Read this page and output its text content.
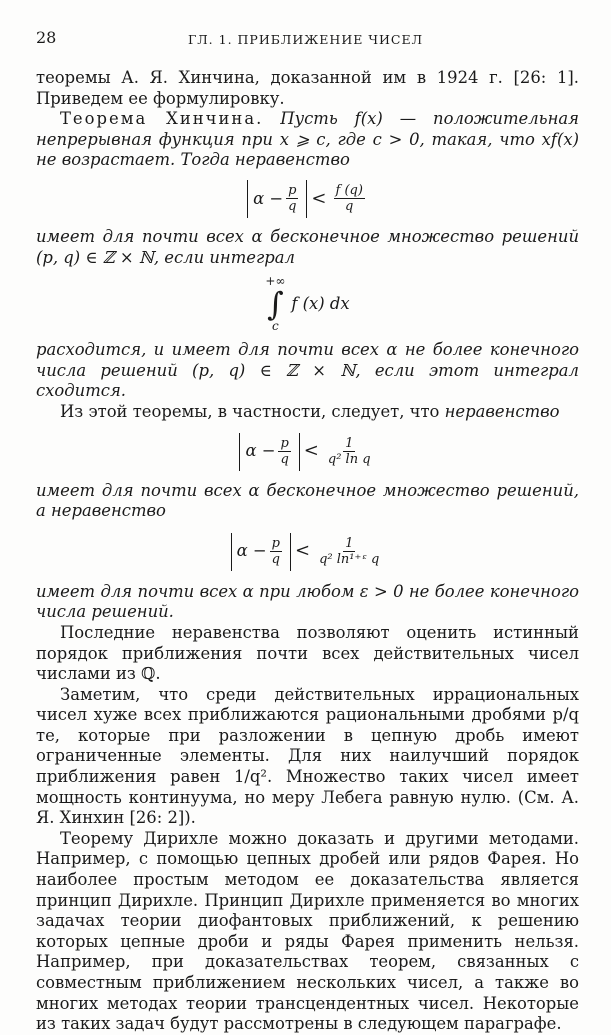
28	ГЛ. 1. ПРИБЛИЖЕНИЕ ЧИСЕЛ

теоремы А. Я. Хинчина, доказанной им в 1924 г. [26: 1]. Приведем ее формулировку.

Теорема Хинчина. Пусть f(x) — положительная непрерывная функция при x ⩾ c, где c > 0, такая, что xf(x) не возрастает. Тогда неравенство

$\alpha - \frac{p}{q} < f$ (q)
q

имеет для почти всех α бесконечное множество решений (p, q) ∈ ℤ × ℕ, если интеграл

+∞
∫
c
f (x) dx

расходится, и имеет для почти всех α не более конечного числа решений (p, q) ∈ ℤ × ℕ, если этот интеграл сходится.

Из этой теоремы, в частности, следует, что неравенство

$\alpha - \frac{p}{q} < 1$
q² ln q

имеет для почти всех α бесконечное множество решений, а неравенство

$\alpha - \frac{p}{q}$ <	1
q² ln¹⁺ᵋ q

имеет для почти всех α при любом ε > 0 не более конечного числа решений.

Последние неравенства позволяют оценить истинный порядок приближения почти всех действительных чисел числами из ℚ.

Заметим, что среди действительных иррациональных чисел хуже всех приближаются рациональными дробями p/q те, которые при разложении в цепную дробь имеют ограниченные элементы. Для них наилучший порядок приближения равен 1/q². Множество таких чисел имеет мощность континуума, но меру Лебега равную нулю. (См. А. Я. Хинхин [26: 2]).

Теорему Дирихле можно доказать и другими методами. Например, с помощью цепных дробей или рядов Фарея. Но наиболее простым методом ее доказательства является принцип Дирихле. Принцип Дирихле применяется во многих задачах теории диофантовых приближений, к решению которых цепные дроби и ряды Фарея применить нельзя. Например, при доказательствах теорем, связанных с совместным приближением нескольких чисел, а также во многих методах теории трансцендентных чисел. Некоторые из таких задач будут рассмотрены в следующем параграфе.
